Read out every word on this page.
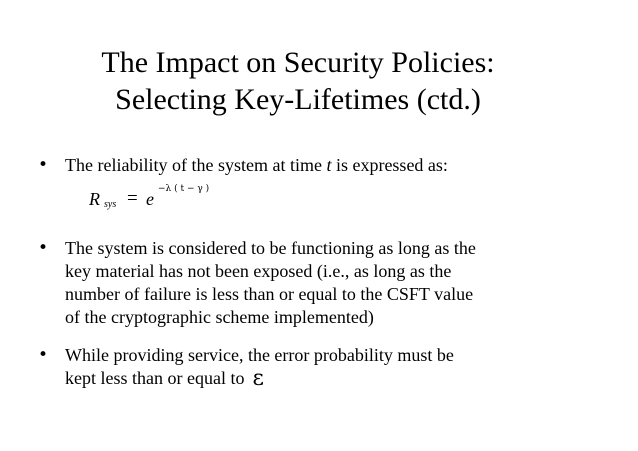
The Impact on Security Policies:
Selecting Key-Lifetimes (ctd.)
• The reliability of the system at time t is expressed as:
R sys = e −λ ( t − γ )
• The system is considered to be functioning as long as the
key material has not been exposed (i.e., as long as the
number of failure is less than or equal to the CSFT value
of the cryptographic scheme implemented)
• While providing service, the error probability must be
kept less than or equal to ε
